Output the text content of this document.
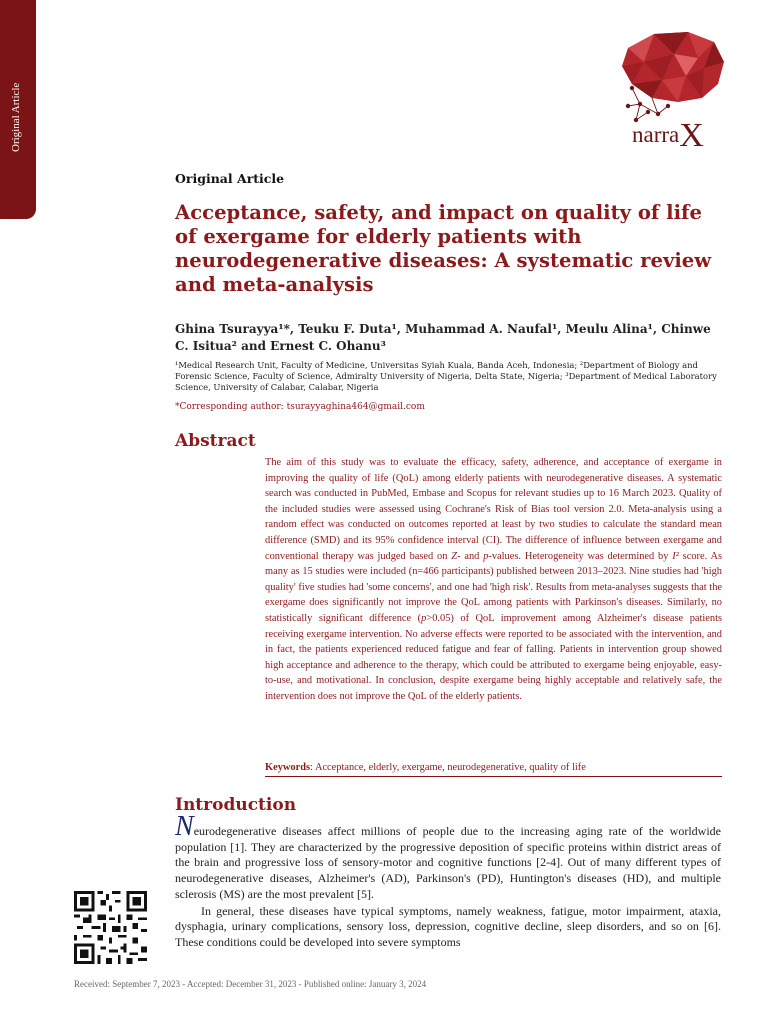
Original Article	narraX
Original Article
Acceptance, safety, and impact on quality of life of exergame for elderly patients with neurodegenerative diseases: A systematic review and meta-analysis
Ghina Tsurayya¹*, Teuku F. Duta¹, Muhammad A. Naufal¹, Meulu Alina¹, Chinwe C. Isitua² and Ernest C. Ohanu³
¹Medical Research Unit, Faculty of Medicine, Universitas Syiah Kuala, Banda Aceh, Indonesia; ²Department of Biology and Forensic Science, Faculty of Science, Admiralty University of Nigeria, Delta State, Nigeria; ³Department of Medical Laboratory Science, University of Calabar, Calabar, Nigeria
*Corresponding author: tsurayyaghina464@gmail.com
Abstract

The aim of this study was to evaluate the efficacy, safety, adherence, and acceptance of exergame in improving the quality of life (QoL) among elderly patients with neurodegenerative diseases. A systematic search was conducted in PubMed, Embase and Scopus for relevant studies up to 16 March 2023. Quality of the included studies were assessed using Cochrane's Risk of Bias tool version 2.0. Meta-analysis using a random effect was conducted on outcomes reported at least by two studies to calculate the standard mean difference (SMD) and its 95% confidence interval (CI). The difference of influence between exergame and conventional therapy was judged based on Z- and p-values. Heterogeneity was determined by I² score. As many as 15 studies were included (n=466 participants) published between 2013–2023. Nine studies had 'high quality' five studies had 'some concerns', and one had 'high risk'. Results from meta-analyses suggests that the exergame does significantly not improve the QoL among patients with Parkinson's diseases. Similarly, no statistically significant difference (p>0.05) of QoL improvement among Alzheimer's disease patients receiving exergame intervention. No adverse effects were reported to be associated with the intervention, and in fact, the patients experienced reduced fatigue and fear of falling. Patients in intervention group showed high acceptance and adherence to the therapy, which could be attributed to exergame being enjoyable, easy-to-use, and motivational. In conclusion, despite exergame being highly acceptable and relatively safe, the intervention does not improve the QoL of the elderly patients.

Keywords: Acceptance, elderly, exergame, neurodegenerative, quality of life
Introduction

Neurodegenerative diseases affect millions of people due to the increasing aging rate of the worldwide population [1]. They are characterized by the progressive deposition of specific proteins within district areas of the brain and progressive loss of sensory-motor and cognitive functions [2-4]. Out of many different types of neurodegenerative diseases, Alzheimer's (AD), Parkinson's (PD), Huntington's diseases (HD), and multiple sclerosis (MS) are the most prevalent [5].

In general, these diseases have typical symptoms, namely weakness, fatigue, motor impairment, ataxia, dysphagia, urinary complications, sensory loss, depression, cognitive decline, sleep disorders, and so on [6]. These conditions could be developed into severe symptoms

Received: September 7, 2023 - Accepted: December 31, 2023 - Published online: January 3, 2024
